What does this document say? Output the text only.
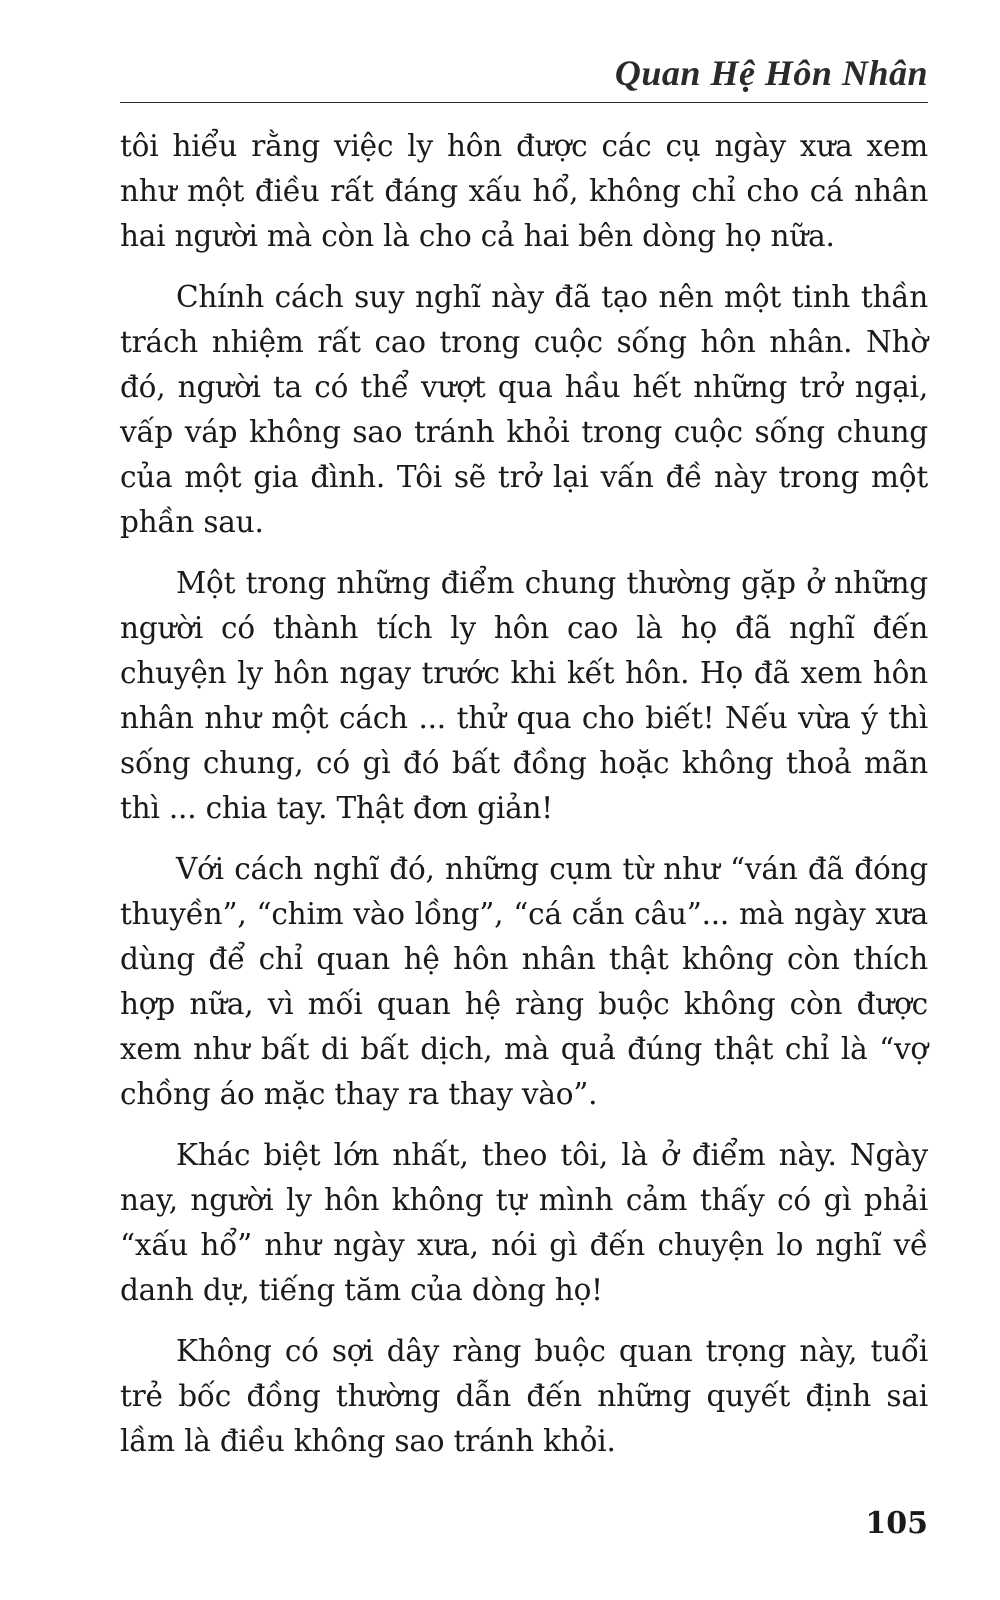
Quan Hệ Hôn Nhân

tôi hiểu rằng việc ly hôn được các cụ ngày xưa xem như một điều rất đáng xấu hổ, không chỉ cho cá nhân hai người mà còn là cho cả hai bên dòng họ nữa.

Chính cách suy nghĩ này đã tạo nên một tinh thần trách nhiệm rất cao trong cuộc sống hôn nhân. Nhờ đó, người ta có thể vượt qua hầu hết những trở ngại, vấp váp không sao tránh khỏi trong cuộc sống chung của một gia đình. Tôi sẽ trở lại vấn đề này trong một phần sau.

Một trong những điểm chung thường gặp ở những người có thành tích ly hôn cao là họ đã nghĩ đến chuyện ly hôn ngay trước khi kết hôn. Họ đã xem hôn nhân như một cách ... thử qua cho biết! Nếu vừa ý thì sống chung, có gì đó bất đồng hoặc không thoả mãn thì ... chia tay. Thật đơn giản!

Với cách nghĩ đó, những cụm từ như “ván đã đóng thuyền”, “chim vào lồng”, “cá cắn câu”... mà ngày xưa dùng để chỉ quan hệ hôn nhân thật không còn thích hợp nữa, vì mối quan hệ ràng buộc không còn được xem như bất di bất dịch, mà quả đúng thật chỉ là “vợ chồng áo mặc thay ra thay vào”.

Khác biệt lớn nhất, theo tôi, là ở điểm này. Ngày nay, người ly hôn không tự mình cảm thấy có gì phải “xấu hổ” như ngày xưa, nói gì đến chuyện lo nghĩ về danh dự, tiếng tăm của dòng họ!

Không có sợi dây ràng buộc quan trọng này, tuổi trẻ bốc đồng thường dẫn đến những quyết định sai lầm là điều không sao tránh khỏi.

105
